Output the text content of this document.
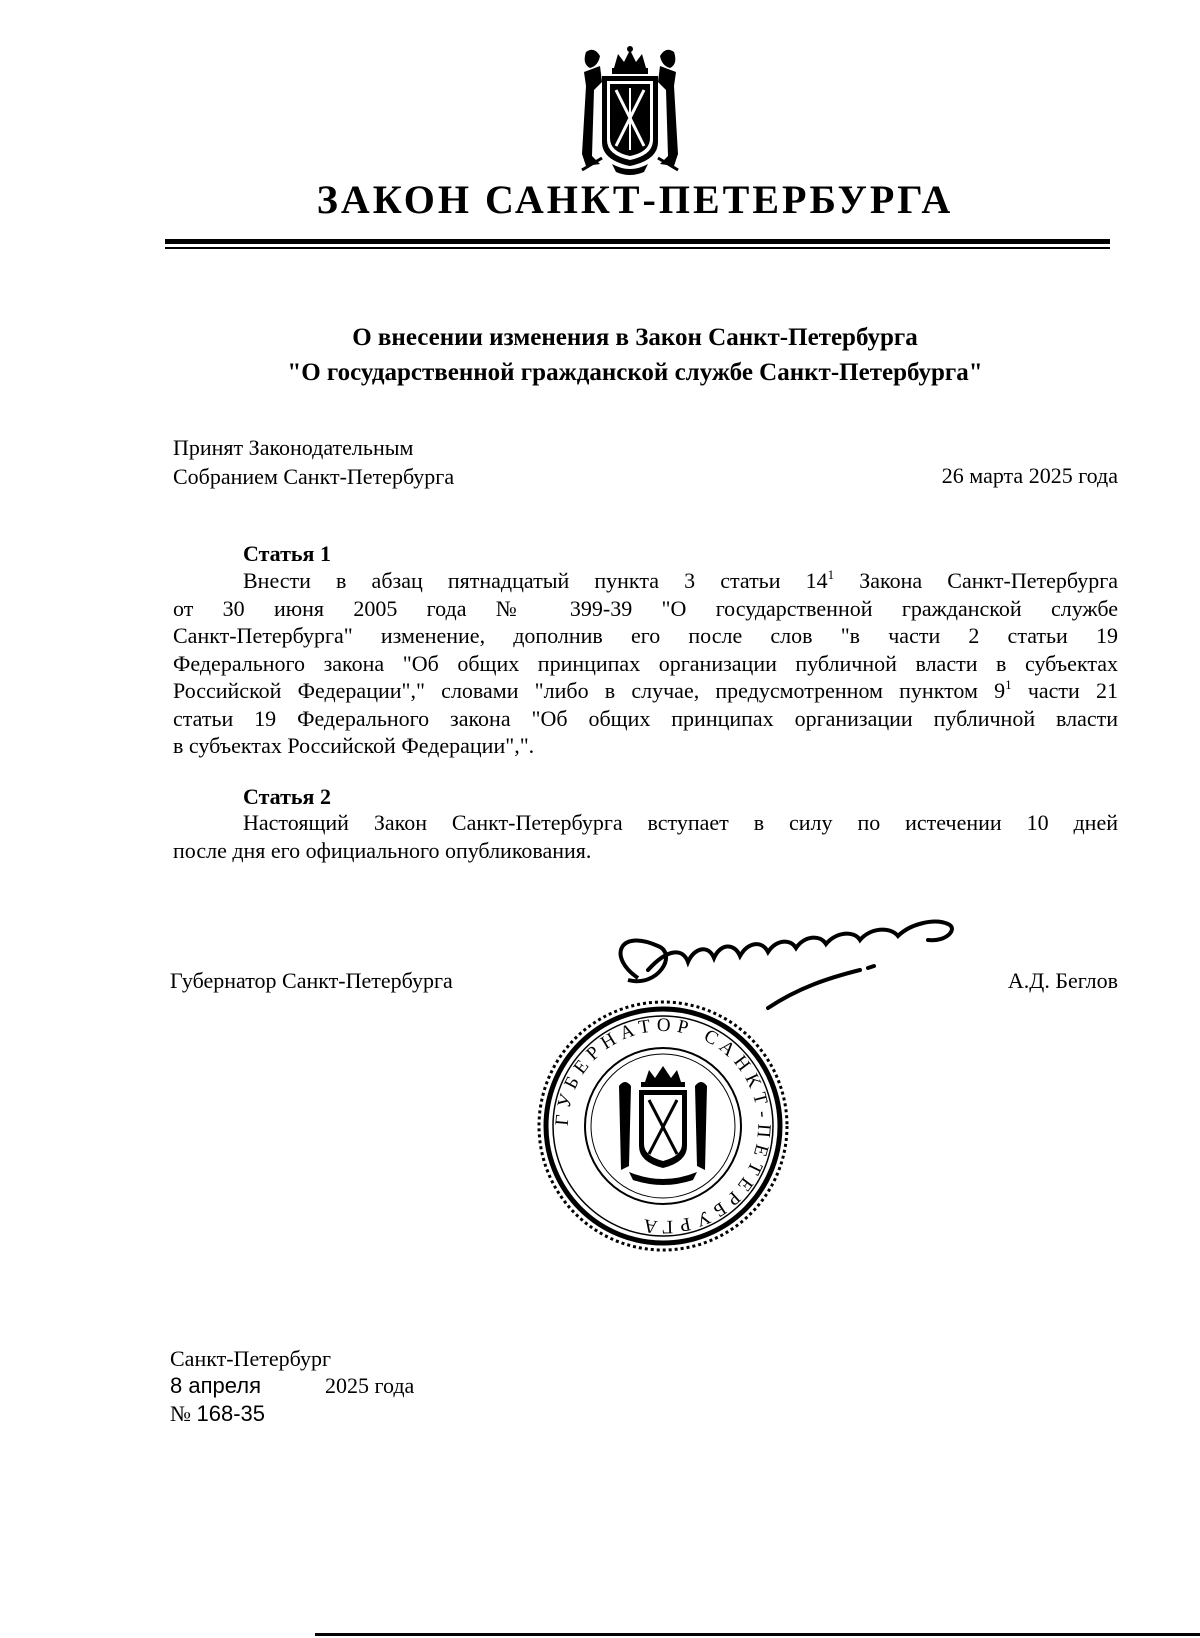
ЗАКОН САНКТ-ПЕТЕРБУРГА
О внесении изменения в Закон Санкт-Петербурга
"О государственной гражданской службе Санкт-Петербурга"
Принят Законодательным
Собранием Санкт-Петербурга	26 марта 2025 года
Статья 1
Внести в абзац пятнадцатый пункта 3 статьи $14^1$ Закона Санкт-Петербурга
от 30 июня 2005 года № 399-39 "О государственной гражданской службе
Санкт-Петербурга" изменение, дополнив его после слов "в части 2 статьи 19
Федерального закона "Об общих принципах организации публичной власти в субъектах
Российской Федерации"," словами "либо в случае, предусмотренном пунктом $9^1$ части 21
статьи 19 Федерального закона "Об общих принципах организации публичной власти
в субъектах Российской Федерации",".
Статья 2
Настоящий Закон Санкт-Петербурга вступает в силу по истечении 10 дней
после дня его официального опубликования.
Губернатор Санкт-Петербурга	А.Д. Беглов
ГУБЕРНАТОР САНКТ-ПЕТЕРБУРГА
Санкт-Петербург
8 апреля	2025 года
№ 168-35
